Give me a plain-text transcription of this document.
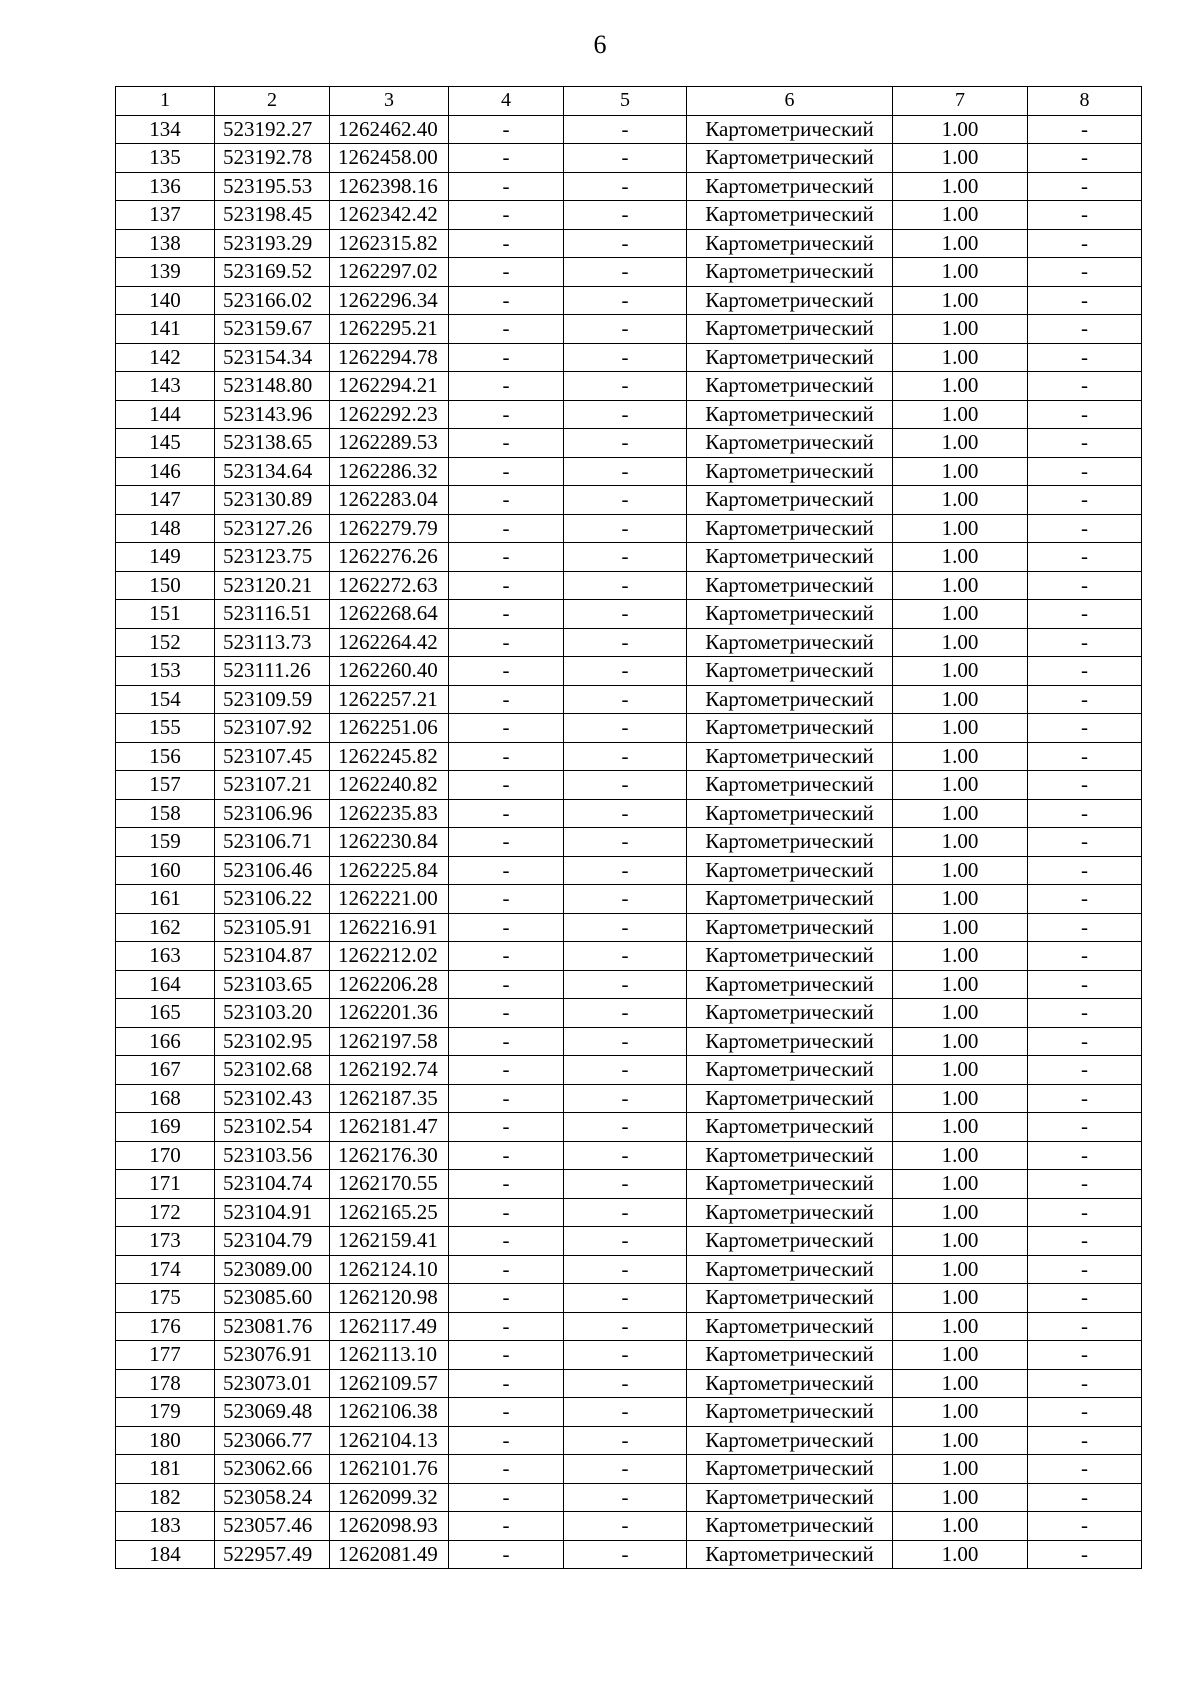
6
1	2	3	4	5	6	7	8
134	523192.27	1262462.40	-	-	Картометрический	1.00	-
135	523192.78	1262458.00	-	-	Картометрический	1.00	-
136	523195.53	1262398.16	-	-	Картометрический	1.00	-
137	523198.45	1262342.42	-	-	Картометрический	1.00	-
138	523193.29	1262315.82	-	-	Картометрический	1.00	-
139	523169.52	1262297.02	-	-	Картометрический	1.00	-
140	523166.02	1262296.34	-	-	Картометрический	1.00	-
141	523159.67	1262295.21	-	-	Картометрический	1.00	-
142	523154.34	1262294.78	-	-	Картометрический	1.00	-
143	523148.80	1262294.21	-	-	Картометрический	1.00	-
144	523143.96	1262292.23	-	-	Картометрический	1.00	-
145	523138.65	1262289.53	-	-	Картометрический	1.00	-
146	523134.64	1262286.32	-	-	Картометрический	1.00	-
147	523130.89	1262283.04	-	-	Картометрический	1.00	-
148	523127.26	1262279.79	-	-	Картометрический	1.00	-
149	523123.75	1262276.26	-	-	Картометрический	1.00	-
150	523120.21	1262272.63	-	-	Картометрический	1.00	-
151	523116.51	1262268.64	-	-	Картометрический	1.00	-
152	523113.73	1262264.42	-	-	Картометрический	1.00	-
153	523111.26	1262260.40	-	-	Картометрический	1.00	-
154	523109.59	1262257.21	-	-	Картометрический	1.00	-
155	523107.92	1262251.06	-	-	Картометрический	1.00	-
156	523107.45	1262245.82	-	-	Картометрический	1.00	-
157	523107.21	1262240.82	-	-	Картометрический	1.00	-
158	523106.96	1262235.83	-	-	Картометрический	1.00	-
159	523106.71	1262230.84	-	-	Картометрический	1.00	-
160	523106.46	1262225.84	-	-	Картометрический	1.00	-
161	523106.22	1262221.00	-	-	Картометрический	1.00	-
162	523105.91	1262216.91	-	-	Картометрический	1.00	-
163	523104.87	1262212.02	-	-	Картометрический	1.00	-
164	523103.65	1262206.28	-	-	Картометрический	1.00	-
165	523103.20	1262201.36	-	-	Картометрический	1.00	-
166	523102.95	1262197.58	-	-	Картометрический	1.00	-
167	523102.68	1262192.74	-	-	Картометрический	1.00	-
168	523102.43	1262187.35	-	-	Картометрический	1.00	-
169	523102.54	1262181.47	-	-	Картометрический	1.00	-
170	523103.56	1262176.30	-	-	Картометрический	1.00	-
171	523104.74	1262170.55	-	-	Картометрический	1.00	-
172	523104.91	1262165.25	-	-	Картометрический	1.00	-
173	523104.79	1262159.41	-	-	Картометрический	1.00	-
174	523089.00	1262124.10	-	-	Картометрический	1.00	-
175	523085.60	1262120.98	-	-	Картометрический	1.00	-
176	523081.76	1262117.49	-	-	Картометрический	1.00	-
177	523076.91	1262113.10	-	-	Картометрический	1.00	-
178	523073.01	1262109.57	-	-	Картометрический	1.00	-
179	523069.48	1262106.38	-	-	Картометрический	1.00	-
180	523066.77	1262104.13	-	-	Картометрический	1.00	-
181	523062.66	1262101.76	-	-	Картометрический	1.00	-
182	523058.24	1262099.32	-	-	Картометрический	1.00	-
183	523057.46	1262098.93	-	-	Картометрический	1.00	-
184	522957.49	1262081.49	-	-	Картометрический	1.00	-
